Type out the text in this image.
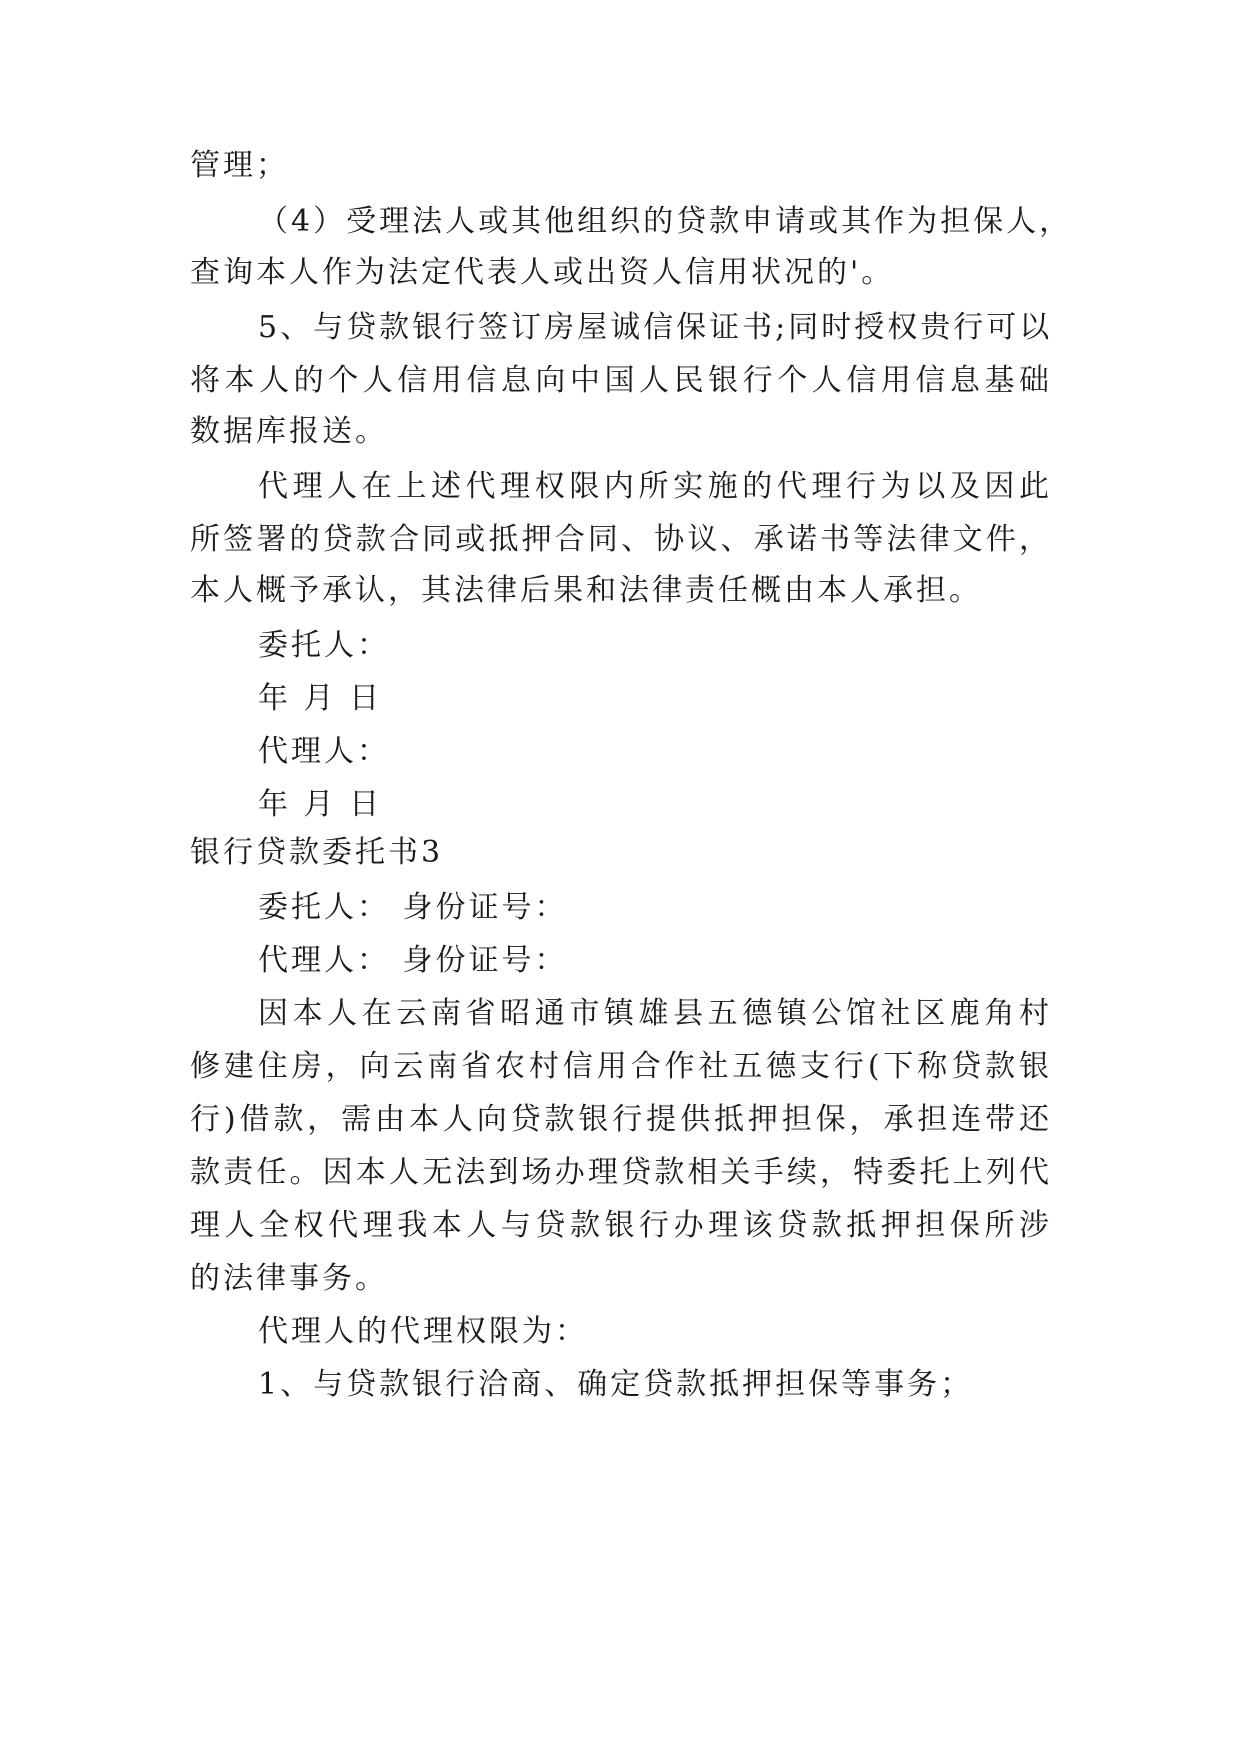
管理；
（4）受理法人或其他组织的贷款申请或其作为担保人，
查询本人作为法定代表人或出资人信用状况的'。
5、与贷款银行签订房屋诚信保证书;同时授权贵行可以
将本人的个人信用信息向中国人民银行个人信用信息基础
数据库报送。
代理人在上述代理权限内所实施的代理行为以及因此
所签署的贷款合同或抵押合同、协议、承诺书等法律文件，
本人概予承认，其法律后果和法律责任概由本人承担。
委托人：
年 月 日
代理人：
年 月 日
银行贷款委托书3
委托人： 身份证号：
代理人： 身份证号：
因本人在云南省昭通市镇雄县五德镇公馆社区鹿角村
修建住房，向云南省农村信用合作社五德支行(下称贷款银
行)借款，需由本人向贷款银行提供抵押担保，承担连带还
款责任。因本人无法到场办理贷款相关手续，特委托上列代
理人全权代理我本人与贷款银行办理该贷款抵押担保所涉
的法律事务。
代理人的代理权限为：
1、与贷款银行洽商、确定贷款抵押担保等事务；
